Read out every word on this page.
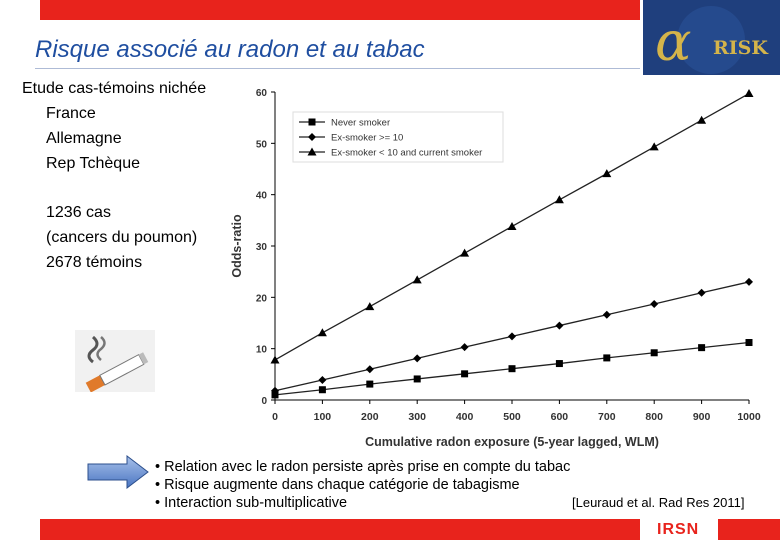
α RISK
Risque associé au radon et au tabac
Etude cas-témoins nichée
France
Allemagne
Rep Tchèque
1236 cas
(cancers du poumon)
2678 témoins
0
10
20
30
40
50
60
0	100	200	300	400	500	600	700	800	900	1000
Cumulative radon exposure (5-year lagged, WLM)
Odds-ratio
Never smoker
Ex-smoker >= 10
Ex-smoker < 10 and current smoker
• Relation avec le radon persiste après prise en compte du tabac
• Risque augmente dans chaque catégorie de tabagisme
• Interaction sub-multiplicative	[Leuraud et al. Rad Res 2011]
IRSN
